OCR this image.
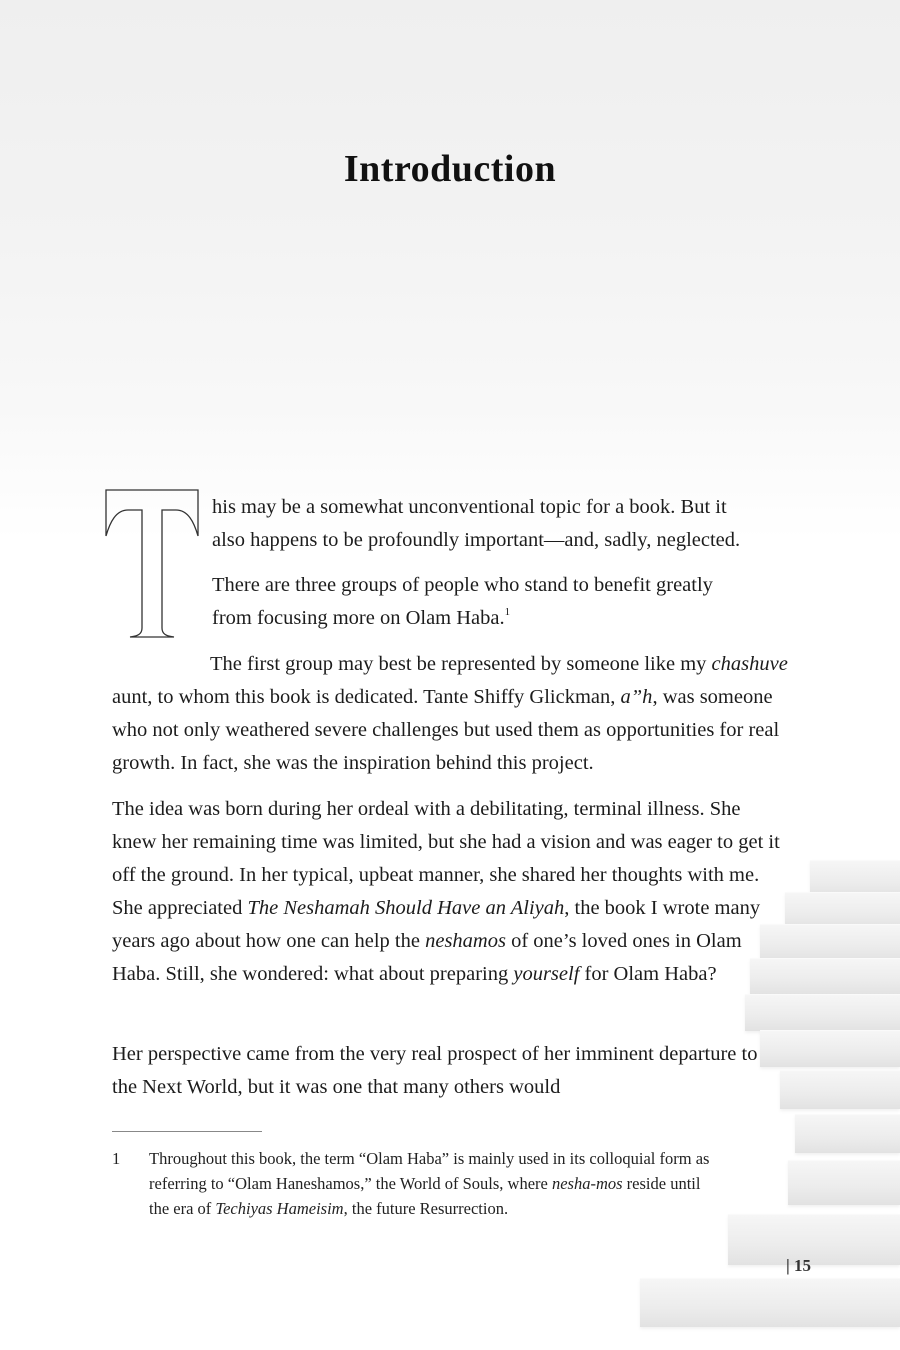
Introduction
his may be a somewhat unconventional topic for a book. But it
also happens to be profoundly important—and, sadly, neglected.
There are three groups of people who stand to benefit greatly
from focusing more on Olam Haba.$^1$

The first group may best be represented by someone like my chashuve aunt, to whom this book is dedicated. Tante Shiffy Glickman, a”h, was someone who not only weathered severe challenges but used them as opportunities for real growth. In fact, she was the inspiration behind this project.

The idea was born during her ordeal with a debilitating, terminal illness. She knew her remaining time was limited, but she had a vision and was eager to get it off the ground. In her typical, upbeat manner, she shared her thoughts with me. She appreciated The Neshamah Should Have an Aliyah, the book I wrote many years ago about how one can help the neshamos of one’s loved ones in Olam Haba. Still, she wondered: what about preparing yourself for Olam Haba?

Her perspective came from the very real prospect of her imminent departure to the Next World, but it was one that many others would

1 Throughout this book, the term “Olam Haba” is mainly used in its colloquial form as referring to “Olam Haneshamos,” the World of Souls, where nesha-mos reside until the era of Techiyas Hameisim, the future Resurrection.
| 15
